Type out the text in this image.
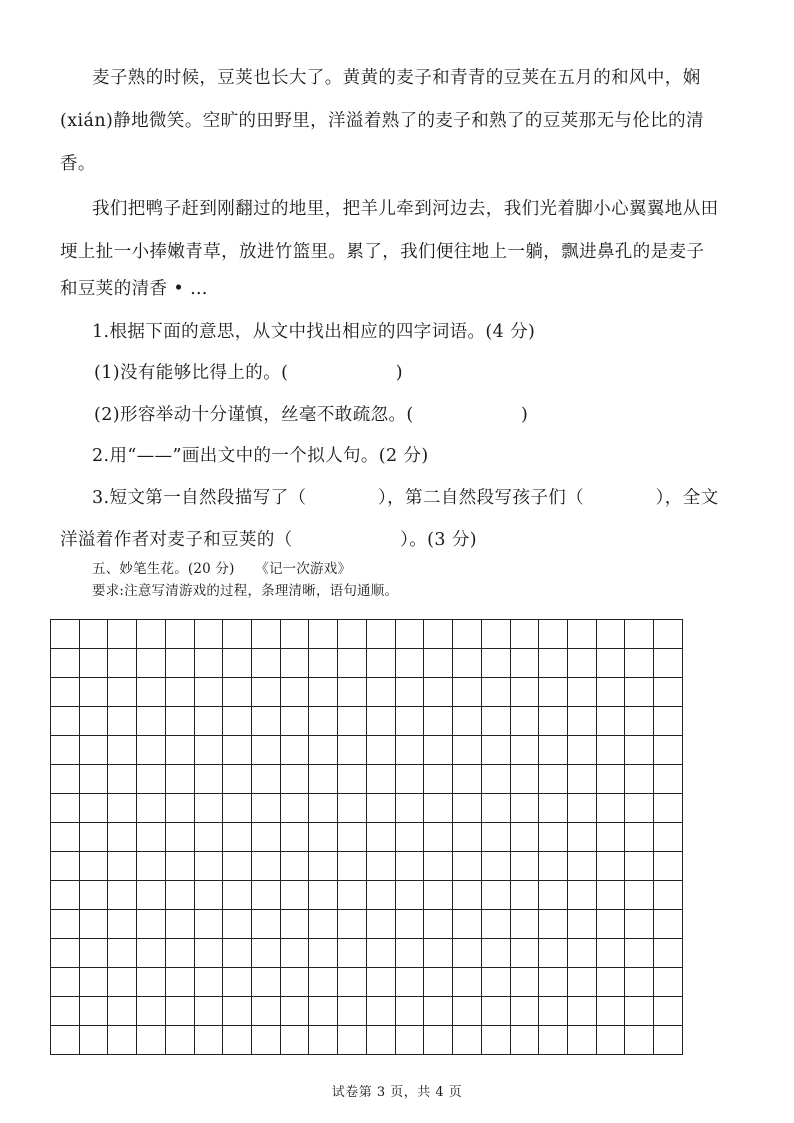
麦子熟的时候，豆荚也长大了。黄黄的麦子和青青的豆荚在五月的和风中，娴
(xián)静地微笑。空旷的田野里，洋溢着熟了的麦子和熟了的豆荚那无与伦比的清
香。
我们把鸭子赶到刚翻过的地里，把羊儿牵到河边去，我们光着脚小心翼翼地从田
埂上扯一小捧嫩青草，放进竹篮里。累了，我们便往地上一躺，飘进鼻孔的是麦子
和豆荚的清香 • …
1.根据下面的意思，从文中找出相应的四字词语。(4 分)
(1)没有能够比得上的。(　　　　　　)
(2)形容举动十分谨慎，丝毫不敢疏忽。(　　　　　　)
2.用“——”画出文中的一个拟人句。(2 分)
3.短文第一自然段描写了（　　　　），第二自然段写孩子们（　　　　），全文
洋溢着作者对麦子和豆荚的（　　　　　　）。(3 分)
五、妙笔生花。(20 分)　　《记一次游戏》
要求:注意写清游戏的过程，条理清晰，语句通顺。

试卷第 3 页，共 4 页
